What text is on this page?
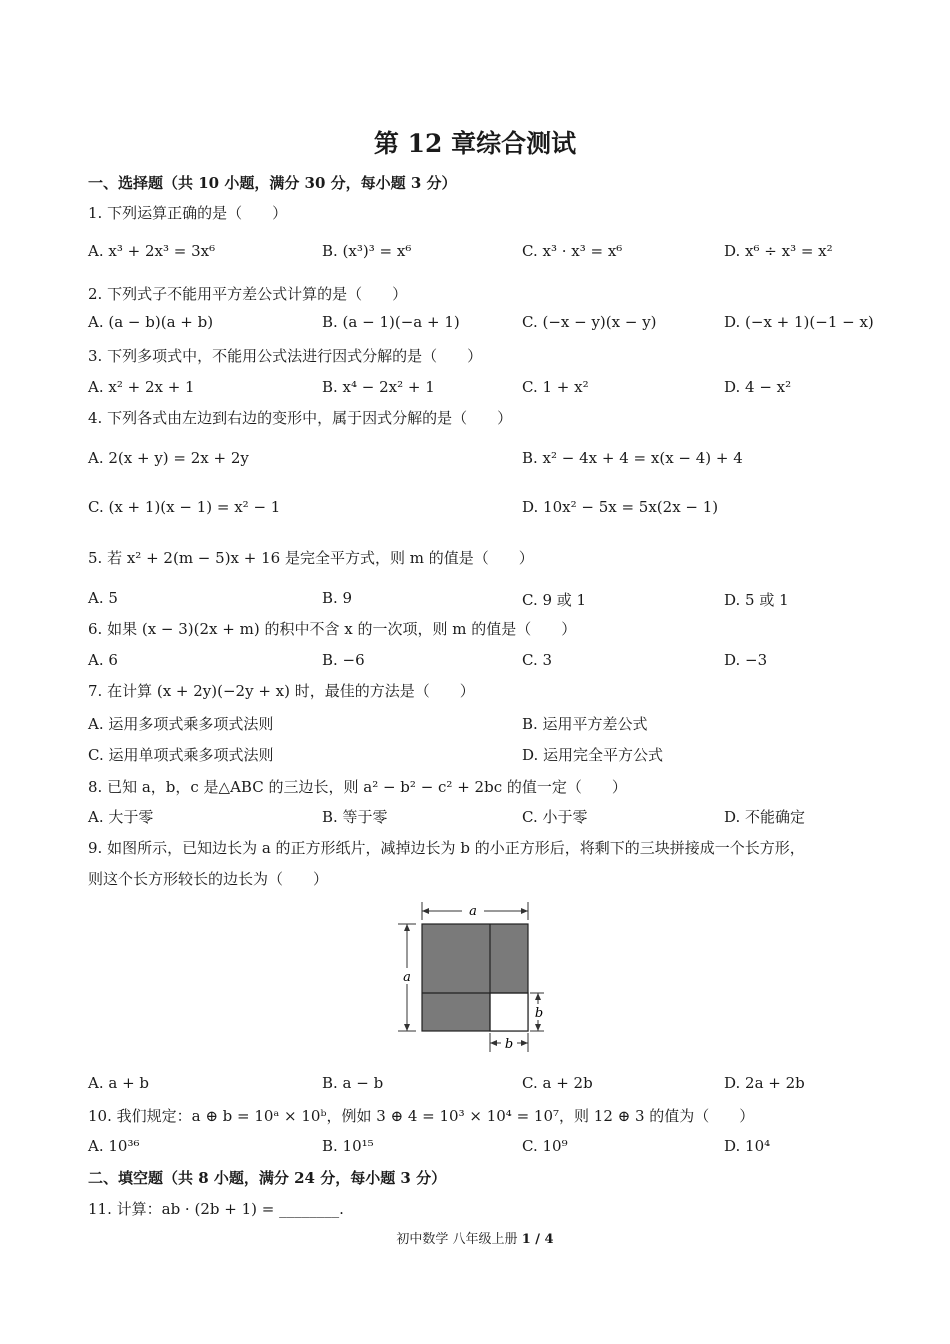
第 12 章综合测试
一、选择题（共 10 小题，满分 30 分，每小题 3 分）
1. 下列运算正确的是（　　）
A. x³ + 2x³ = 3x⁶	B. (x³)³ = x⁶	C. x³ · x³ = x⁶	D. x⁶ ÷ x³ = x²
2. 下列式子不能用平方差公式计算的是（　　）
A. (a − b)(a + b)	B. (a − 1)(−a + 1)	C. (−x − y)(x − y)	D. (−x + 1)(−1 − x)
3. 下列多项式中，不能用公式法进行因式分解的是（　　）
A. x² + 2x + 1	B. x⁴ − 2x² + 1	C. 1 + x²	D. 4 − x²
4. 下列各式由左边到右边的变形中，属于因式分解的是（　　）
A. 2(x + y) = 2x + 2y	B. x² − 4x + 4 = x(x − 4) + 4
C. (x + 1)(x − 1) = x² − 1	D. 10x² − 5x = 5x(2x − 1)
5. 若 x² + 2(m − 5)x + 16 是完全平方式，则 m 的值是（　　）
A. 5	B. 9	C. 9 或 1	D. 5 或 1
6. 如果 (x − 3)(2x + m) 的积中不含 x 的一次项，则 m 的值是（　　）
A. 6	B. −6	C. 3	D. −3
7. 在计算 (x + 2y)(−2y + x) 时，最佳的方法是（　　）
A. 运用多项式乘多项式法则	B. 运用平方差公式
C. 运用单项式乘多项式法则	D. 运用完全平方公式
8. 已知 a，b，c 是△ABC 的三边长，则 a² − b² − c² + 2bc 的值一定（　　）
A. 大于零	B. 等于零	C. 小于零	D. 不能确定
9. 如图所示，已知边长为 a 的正方形纸片，减掉边长为 b 的小正方形后，将剩下的三块拼接成一个长方形，
则这个长方形较长的边长为（　　）
a
a
b
b
A. a + b	B. a − b	C. a + 2b	D. 2a + 2b
10. 我们规定：a ⊕ b = 10ᵃ × 10ᵇ，例如 3 ⊕ 4 = 10³ × 10⁴ = 10⁷，则 12 ⊕ 3 的值为（　　）
A. 10³⁶	B. 10¹⁵	C. 10⁹	D. 10⁴
二、填空题（共 8 小题，满分 24 分，每小题 3 分）
11. 计算：ab · (2b + 1) = ________.
初中数学 八年级上册 1 / 4
